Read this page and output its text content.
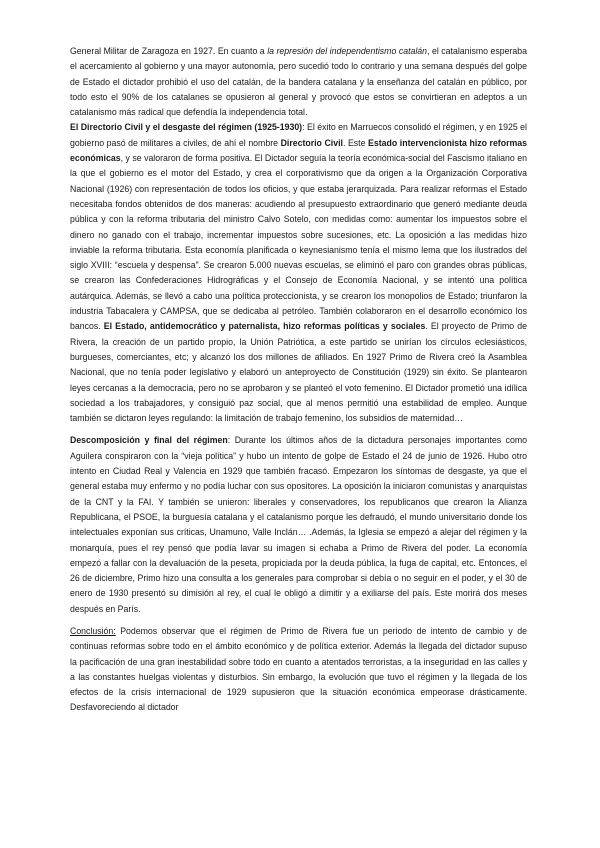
General Militar de Zaragoza en 1927. En cuanto a la represión del independentismo catalán, el catalanismo esperaba el acercamiento al gobierno y una mayor autonomía, pero sucedió todo lo contrario y una semana después del golpe de Estado el dictador prohibió el uso del catalán, de la bandera catalana y la enseñanza del catalán en público, por todo esto el 90% de los catalanes se opusieron al general y provocó que estos se convirtieran en adeptos a un catalanismo más radical que defendía la independencia total.

El Directorio Civil y el desgaste del régimen (1925-1930): El éxito en Marruecos consolidó el régimen, y en 1925 el gobierno pasó de militares a civiles, de ahí el nombre Directorio Civil. Este Estado intervencionista hizo reformas económicas, y se valoraron de forma positiva. El Dictador seguía la teoría económica-social del Fascismo italiano en la que el gobierno es el motor del Estado, y crea el corporativismo que da origen a la Organización Corporativa Nacional (1926) con representación de todos los oficios, y que estaba jerarquizada. Para realizar reformas el Estado necesitaba fondos obtenidos de dos maneras: acudiendo al presupuesto extraordinario que generó mediante deuda pública y con la reforma tributaria del ministro Calvo Sotelo, con medidas como: aumentar los impuestos sobre el dinero no ganado con el trabajo, incrementar impuestos sobre sucesiones, etc. La oposición a las medidas hizo inviable la reforma tributaria. Esta economía planificada o keynesianismo tenía el mismo lema que los ilustrados del siglo XVIII: “escuela y despensa”. Se crearon 5.000 nuevas escuelas, se eliminó el paro con grandes obras públicas, se crearon las Confederaciones Hidrográficas y el Consejo de Economía Nacional, y se intentó una política autárquica. Además, se llevó a cabo una política proteccionista, y se crearon los monopolios de Estado; triunfaron la industria Tabacalera y CAMPSA, que se dedicaba al petróleo. También colaboraron en el desarrollo económico los bancos. El Estado, antidemocrático y paternalista, hizo reformas políticas y sociales. El proyecto de Primo de Rivera, la creación de un partido propio, la Unión Patriótica, a este partido se unirían los círculos eclesiásticos, burgueses, comerciantes, etc; y alcanzó los dos millones de afiliados. En 1927 Primo de Rivera creó la Asamblea Nacional, que no tenía poder legislativo y elaboró un anteproyecto de Constitución (1929) sin éxito. Se plantearon leyes cercanas a la democracia, pero no se aprobaron y se planteó el voto femenino. El Dictador prometió una idílica sociedad a los trabajadores, y consiguió paz social, que al menos permitió una estabilidad de empleo. Aunque también se dictaron leyes regulando: la limitación de trabajo femenino, los subsidios de maternidad…

Descomposición y final del régimen: Durante los últimos años de la dictadura personajes importantes como Aguilera conspiraron con la “vieja política” y hubo un intento de golpe de Estado el 24 de junio de 1926. Hubo otro intento en Ciudad Real y Valencia en 1929 que también fracasó. Empezaron los síntomas de desgaste, ya que el general estaba muy enfermo y no podía luchar con sus opositores. La oposición la iniciaron comunistas y anarquistas de la CNT y la FAI. Y también se unieron: liberales y conservadores, los republicanos que crearon la Alianza Republicana, el PSOE, la burguesía catalana y el catalanismo porque les defraudó, el mundo universitario donde los intelectuales exponían sus críticas, Unamuno, Valle Inclán… .Además, la Iglesia se empezó a alejar del régimen y la monarquía, pues el rey pensó que podía lavar su imagen si echaba a Primo de Rivera del poder. La economía empezó a fallar con la devaluación de la peseta, propiciada por la deuda pública, la fuga de capital, etc. Entonces, el 26 de diciembre, Primo hizo una consulta a los generales para comprobar si debía o no seguir en el poder, y el 30 de enero de 1930 presentó su dimisión al rey, el cual le obligó a dimitir y a exiliarse del país. Este morirá dos meses después en París.

Conclusión: Podemos observar que el régimen de Primo de Rivera fue un periodo de intento de cambio y de continuas reformas sobre todo en el ámbito económico y de política exterior. Además la llegada del dictador supuso la pacificación de una gran inestabilidad sobre todo en cuanto a atentados terroristas, a la inseguridad en las calles y a las constantes huelgas violentas y disturbios. Sin embargo, la evolución que tuvo el régimen y la llegada de los efectos de la crisis internacional de 1929 supusieron que la situación económica empeorase drásticamente. Desfavoreciendo al dictador
